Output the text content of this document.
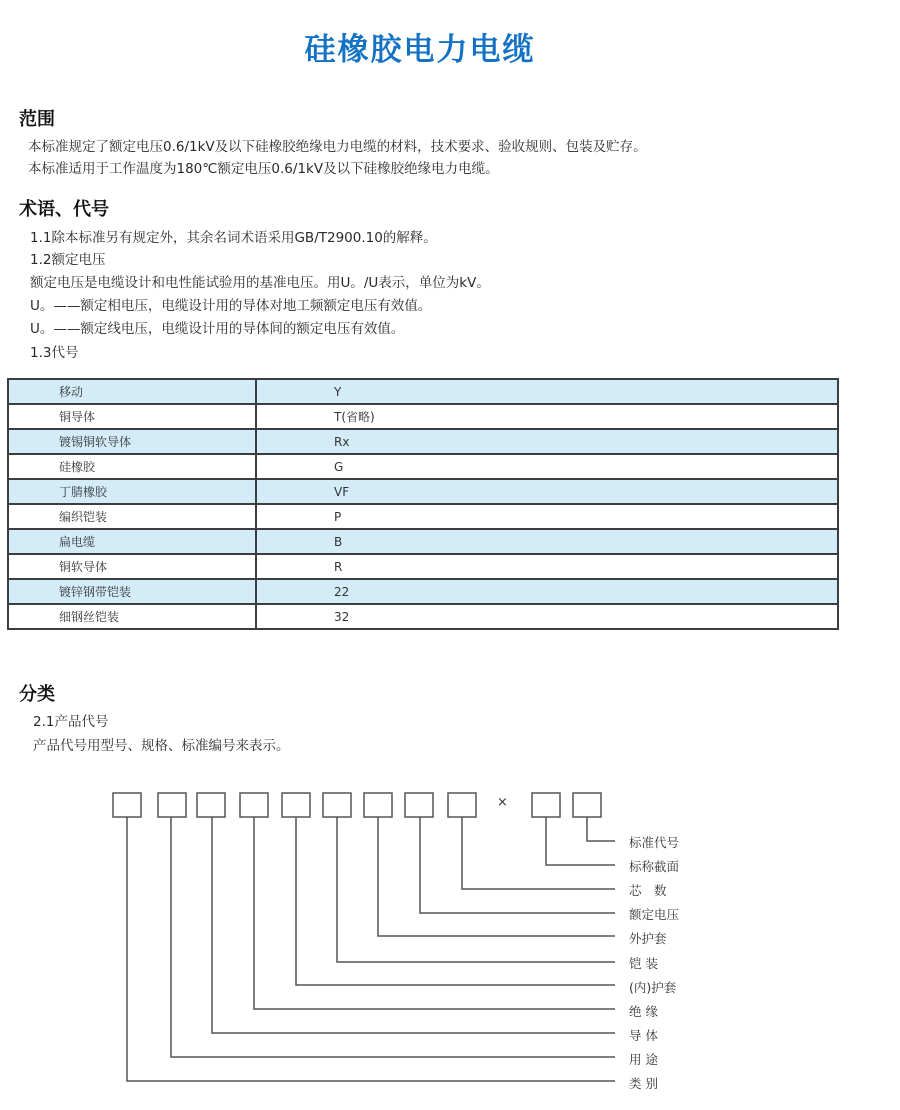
硅橡胶电力电缆
范围
本标准规定了额定电压0.6/1kV及以下硅橡胶绝缘电力电缆的材料，技术要求、验收规则、包装及贮存。
本标准适用于工作温度为180℃额定电压0.6/1kV及以下硅橡胶绝缘电力电缆。
术语、代号
1.1除本标准另有规定外，其余名词术语采用GB/T2900.10的解释。
1.2额定电压
额定电压是电缆设计和电性能试验用的基准电压。用U。/U表示，单位为kV。
U。——额定相电压，电缆设计用的导体对地工频额定电压有效值。
U。——额定线电压，电缆设计用的导体间的额定电压有效值。
1.3代号
移动	Y
铜导体	T(省略)
镀锡铜软导体	Rx
硅橡胶	G
丁腈橡胶	VF
编织铠装	P
扁电缆	B
铜软导体	R
镀锌钢带铠装	22
细钢丝铠装	32
分类
2.1产品代号
产品代号用型号、规格、标准编号来表示。
×
标准代号
标称截面
芯　数
额定电压
外护套
铠 装
(内)护套
绝 缘
导 体
用 途
类 别
